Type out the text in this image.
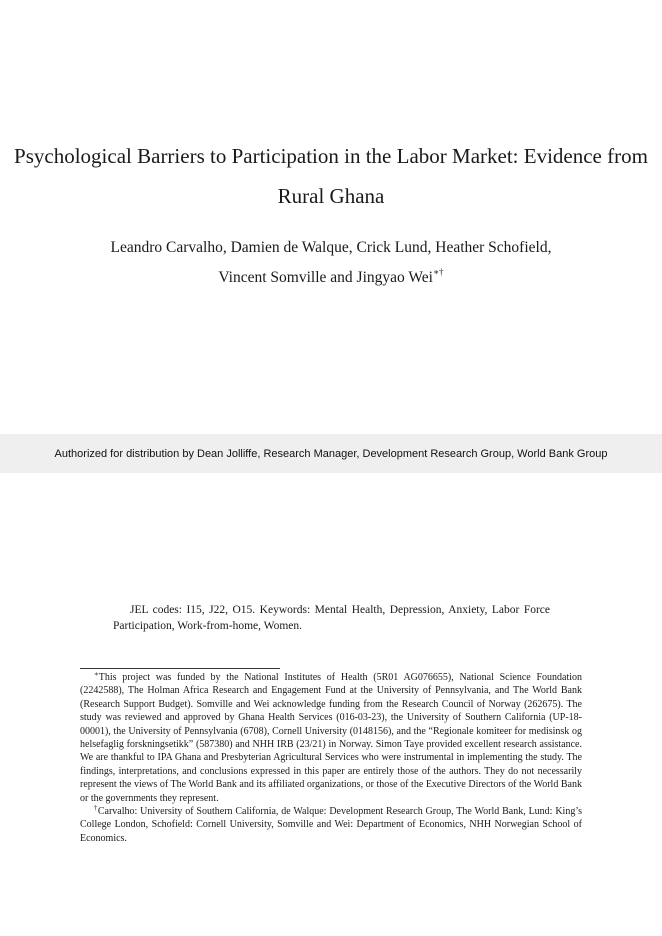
Psychological Barriers to Participation in the Labor Market: Evidence from Rural Ghana
Leandro Carvalho, Damien de Walque, Crick Lund, Heather Schofield,
Vincent Somville and Jingyao Wei∗†
Authorized for distribution by Dean Jolliffe, Research Manager, Development Research Group, World Bank Group
JEL codes: I15, J22, O15. Keywords: Mental Health, Depression, Anxiety, Labor Force Participation, Work-from-home, Women.

∗This project was funded by the National Institutes of Health (5R01 AG076655), National Science Foundation (2242588), The Holman Africa Research and Engagement Fund at the University of Pennsylvania, and The World Bank (Research Support Budget). Somville and Wei acknowledge funding from the Research Council of Norway (262675). The study was reviewed and approved by Ghana Health Services (016-03-23), the University of Southern California (UP-18-00001), the University of Pennsylvania (6708), Cornell University (0148156), and the “Regionale komiteer for medisinsk og helsefaglig forskningsetikk” (587380) and NHH IRB (23/21) in Norway. Simon Taye provided excellent research assistance. We are thankful to IPA Ghana and Presbyterian Agricultural Services who were instrumental in implementing the study. The findings, interpretations, and conclusions expressed in this paper are entirely those of the authors. They do not necessarily represent the views of The World Bank and its affiliated organizations, or those of the Executive Directors of the World Bank or the governments they represent.

†Carvalho: University of Southern California, de Walque: Development Research Group, The World Bank, Lund: King’s College London, Schofield: Cornell University, Somville and Wei: Department of Economics, NHH Norwegian School of Economics.
